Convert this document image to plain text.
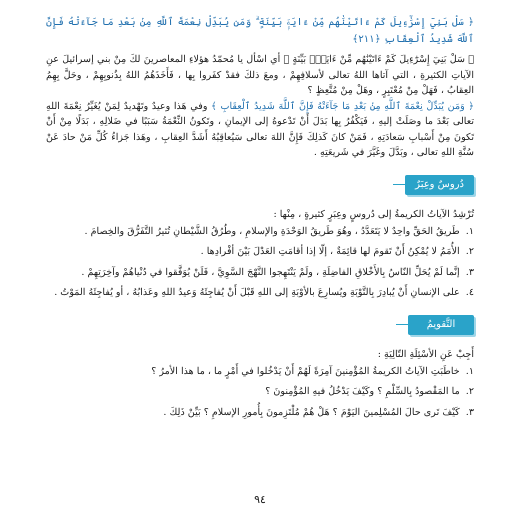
﴿ سَلْ بَنِيٓ إِسْرَٰٓءِيلَ كَمْ ءَاتَيْنَٰهُم مِّنْ ءَايَةٍۭ بَيِّنَةٍ ۗ وَمَن يُبَدِّلْ نِعْمَةَ ٱللَّهِ مِنۢ بَعْدِ مَا جَآءَتْهُ فَإِنَّ ٱللَّهَ شَدِيدُ ٱلْعِقَابِ ﴿٢١١﴾

﴿ سَلْ بَنِيٓ إِسْرَٰٓءِيلَ كَمْ ءَاتَيْنَٰهُم مِّنْ ءَايَةٍۭ بَيِّنَةٍ ﴾ أي اسْأل يا مُحمّدُ هؤلاءِ المعاصرينَ لكَ مِنْ بني إسرائيلَ عنِ الآياتِ الكثيرةِ ، التي آتاها اللهُ تعالى لأسلافِهِمْ ، ومعَ ذلكَ فقدْ كفَروا بِها ، فَأَخَذَهُمُ اللهُ بِذُنوبِهِمْ ، وحَلَّ بِهِمُ العِقابُ ، فَهَلْ مِنْ مُعْتَبِرٍ ، وهَلْ مِنْ مُتَّعِظٍ ؟

﴿ وَمَن يُبَدِّلْ نِعْمَةَ ٱللَّهِ مِنۢ بَعْدِ مَا جَآءَتْهُ فَإِنَّ ٱللَّهَ شَدِيدُ ٱلْعِقَابِ ﴾ وفي هَذا وعيدٌ وتَهْديدٌ لِمَنْ يُغَيِّرُ نِعْمَةَ اللهِ تعالى بَعْدَ ما وصَلَتْ إليهِ ، فَيَكْفُرُ بِها بَدَلَ أَنْ تَدْعوهُ إلى الإيمانِ ، وتَكونُ النِّعْمَةُ سَبَبًا في ضَلالِهِ ، بَدَلًا مِنْ أَنْ تَكونَ مِنْ أَسْبابِ سَعادَتِهِ ، فَمَنْ كانَ كَذلِكَ فَإِنَّ اللهَ تعالى سَيُعاقِبُهُ أَشَدَّ العِقابِ ، وهَذا جَزاءُ كُلِّ مَنْ حادَ عَنْ سُنَّةِ اللهِ تعالى ، وبَدَّلَ وغَيَّرَ في شَريعَتِهِ .

دُروسٌ وعِبَرٌ

تُرْشِدُ الآياتُ الكريمةُ إلى دُروسٍ وعِبَرٍ كثيرةٍ ، مِنْها :

١. طَريقُ الحَقِّ واحِدٌ لا يَتَعَدَّدُ ، وهُوَ طَريقُ الوَحْدَةِ والإسلامِ ، وطُرُقُ الشَّيْطانِ تُثيرُ التَّفَرُّقَ والخِصامَ .

٢. الأُمَمُ لا يُمْكِنُ أَنْ تَقومَ لها قائِمَةٌ ، إلّا إذا أقامَتِ العَدْلَ بَيْنَ أفْرادِها .

٣. إنَّما لَمْ يُحَلِّ النّاسُ بِالأَخْلاقِ الفاضِلَةِ ، ولَمْ يَنْتَهِجوا النَّهْجَ السَّوِيَّ ، فَلَنْ يُوَفَّقوا في دُنْياهُمْ وآخِرَتِهِمْ .

٤. على الإنسانِ أَنْ يُبادِرَ بِالتَّوْبَةِ ويُسارِعَ بالأوْبَةِ إلى اللهِ قَبْلَ أَنْ يُفاجِئَهُ وَعيدُ اللهِ وعَذابُهُ ، أو يُفاجِئَهُ المَوْتُ .

التَّقويمُ

أَجِبْ عَنِ الأسْئِلَةِ التّالِيَةِ :

١. خاطَبَتِ الآياتُ الكريمةُ المُؤْمِنينَ آمِرَةً لَهُمْ أَنْ يَدْخُلوا في أَمْرٍ ما ، ما هذا الأمرُ ؟

٢. ما المَقْصودُ بِالسِّلْمِ ؟ وكَيْفَ يَدْخُلُ فيهِ المُؤْمِنونَ ؟

٣. كَيْفَ تَرى حالَ المُسْلِمينَ اليَوْمَ ؟ هَلْ هُمْ مُلْتَزِمونَ بِأُمورِ الإسلامِ ؟ بَيِّنْ ذَلِكَ .

٩٤
